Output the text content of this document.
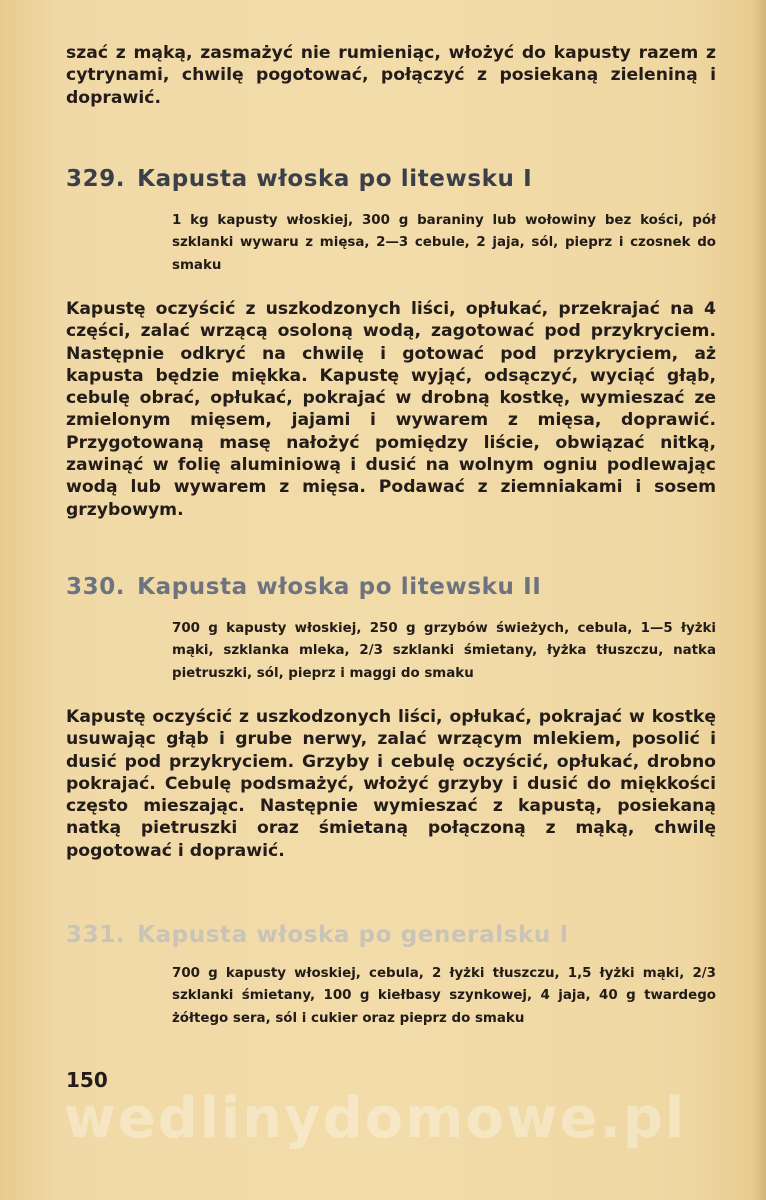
szać z mąką, zasmażyć nie rumieniąc, włożyć do kapusty razem z cytrynami, chwilę pogotować, połączyć z posiekaną zieleniną i doprawić.

329. Kapusta włoska po litewsku I
1 kg kapusty włoskiej, 300 g baraniny lub wołowiny bez kości, pół szklanki wywaru z mięsa, 2—3 cebule, 2 jaja, sól, pieprz i czosnek do smaku

Kapustę oczyścić z uszkodzonych liści, opłukać, przekrajać na 4 części, zalać wrzącą osoloną wodą, zagotować pod przykryciem. Następnie odkryć na chwilę i gotować pod przykryciem, aż kapusta będzie miękka. Kapustę wyjąć, odsączyć, wyciąć głąb, cebulę obrać, opłukać, pokrajać w drobną kostkę, wymieszać ze zmielonym mięsem, jajami i wywarem z mięsa, doprawić. Przygotowaną masę nałożyć pomiędzy liście, obwiązać nitką, zawinąć w folię aluminiową i dusić na wolnym ogniu podlewając wodą lub wywarem z mięsa. Podawać z ziemniakami i sosem grzybowym.

330. Kapusta włoska po litewsku II
700 g kapusty włoskiej, 250 g grzybów świeżych, cebula, 1—5 łyżki mąki, szklanka mleka, 2/3 szklanki śmietany, łyżka tłuszczu, natka pietruszki, sól, pieprz i maggi do smaku

Kapustę oczyścić z uszkodzonych liści, opłukać, pokrajać w kostkę usuwając głąb i grube nerwy, zalać wrzącym mlekiem, posolić i dusić pod przykryciem. Grzyby i cebulę oczyścić, opłukać, drobno pokrajać. Cebulę podsmażyć, włożyć grzyby i dusić do miękkości często mieszając. Następnie wymieszać z kapustą, posiekaną natką pietruszki oraz śmietaną połączoną z mąką, chwilę pogotować i doprawić.

331. Kapusta włoska po generalsku I
700 g kapusty włoskiej, cebula, 2 łyżki tłuszczu, 1,5 łyżki mąki, 2/3 szklanki śmietany, 100 g kiełbasy szynkowej, 4 jaja, 40 g twardego żółtego sera, sól i cukier oraz pieprz do smaku
150
wedlinydomowe.pl
